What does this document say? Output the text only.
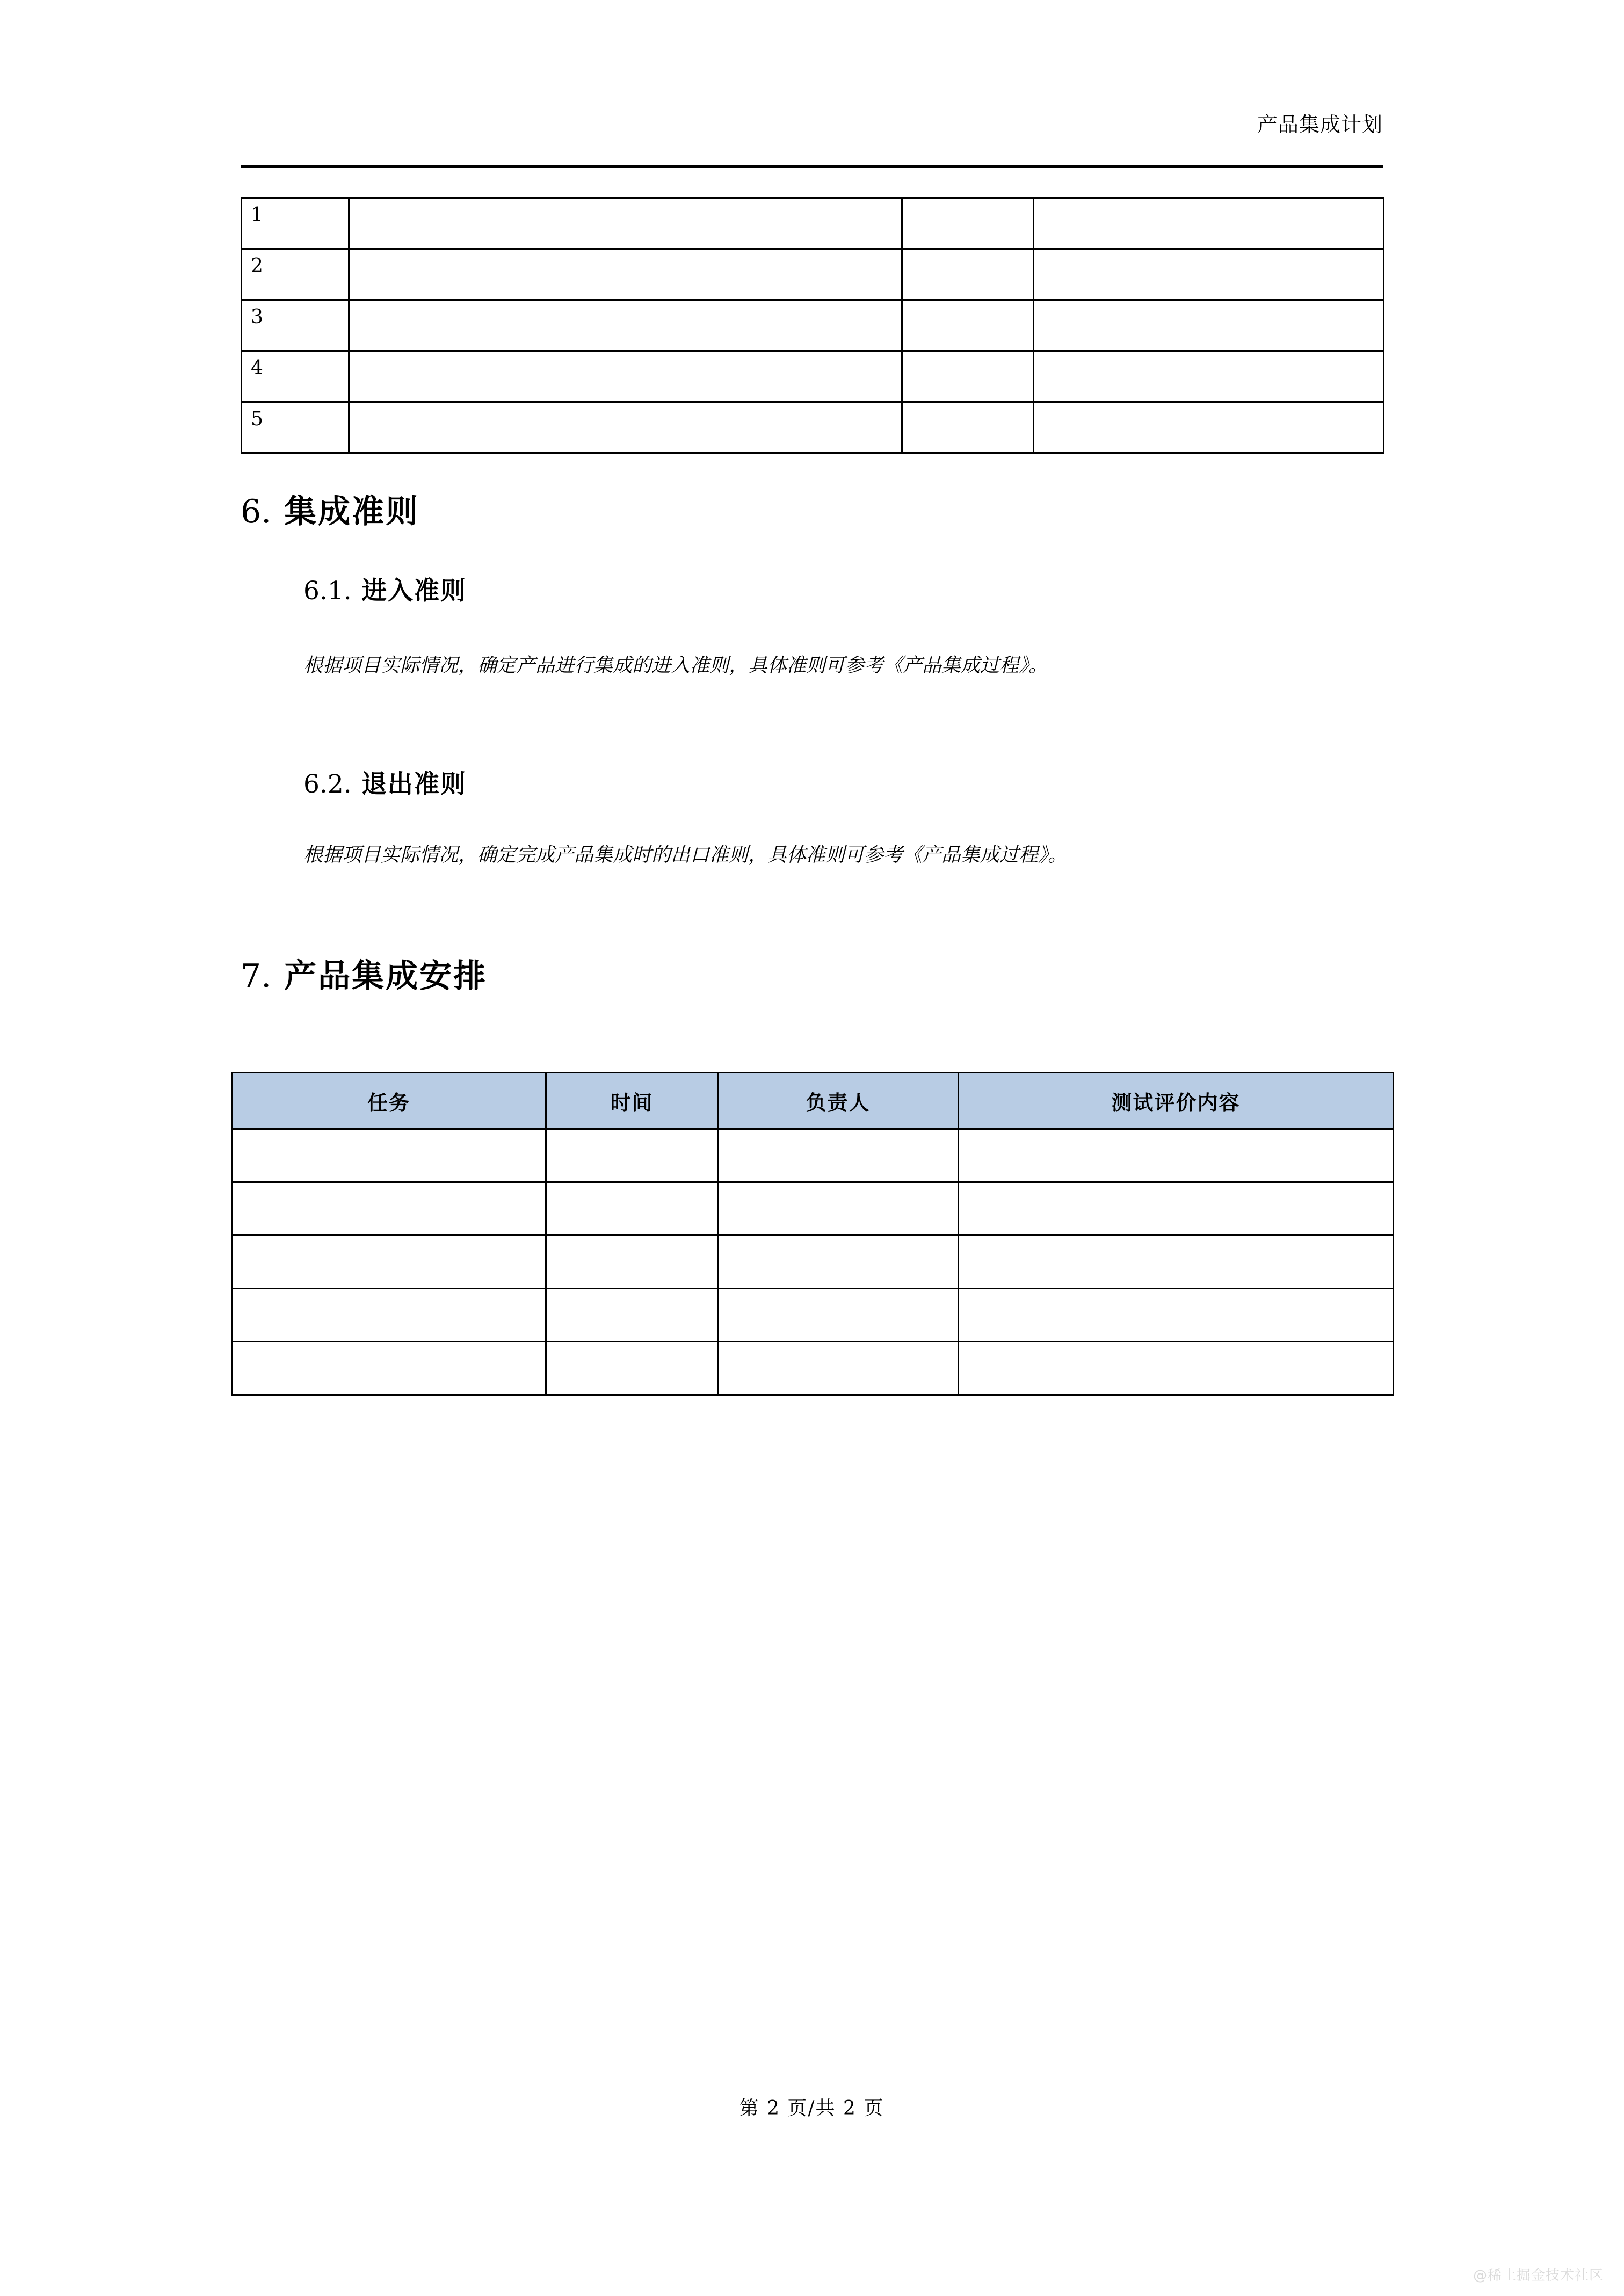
产品集成计划
1			
2			
3			
4			
5			
6. 集成准则
6.1. 进入准则
根据项目实际情况，确定产品进行集成的进入准则，具体准则可参考《产品集成过程》。
6.2. 退出准则
根据项目实际情况，确定完成产品集成时的出口准则，具体准则可参考《产品集成过程》。
7. 产品集成安排
任务	时间	负责人	测试评价内容

第 2 页/共 2 页
@稀土掘金技术社区
